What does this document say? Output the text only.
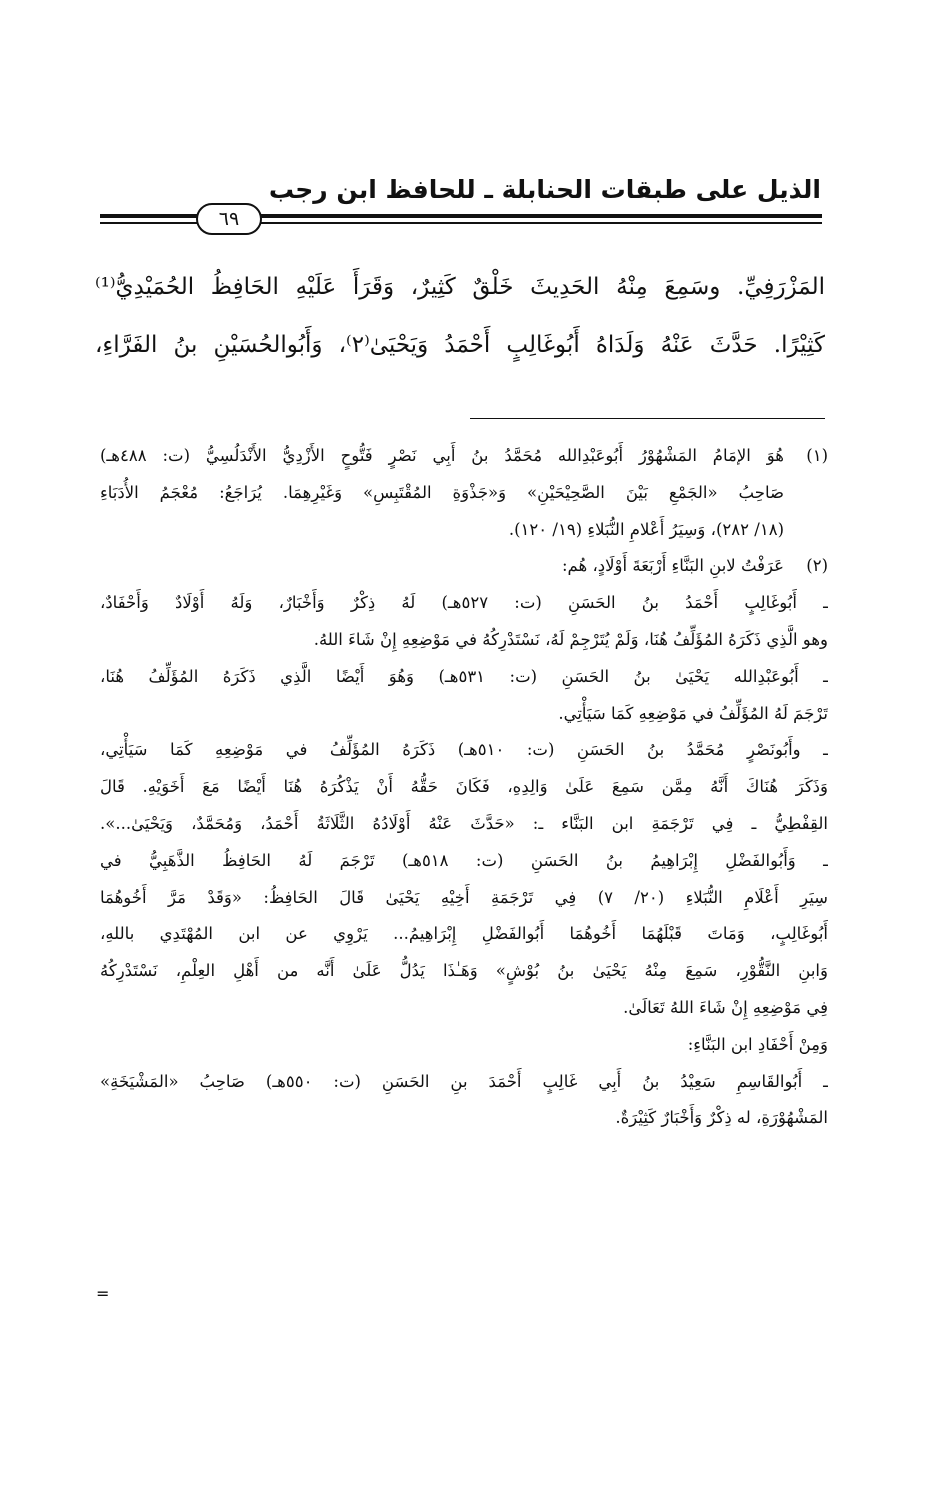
الذيل على طبقات الحنابلة ـ للحافظ ابن رجب
٦٩
المَزْرَفِيِّ. وسَمِعَ مِنْهُ الحَدِيثَ خَلْقٌ كَثِيرٌ، وَقَرَأَ عَلَيْهِ الحَافِظُ الحُمَيْدِيُّ⁽¹⁾
كَثِيْرًا. حَدَّثَ عَنْهُ وَلَدَاهُ أَبُوغَالِبٍ أَحْمَدُ وَيَحْيَىٰ⁽٢⁾، وَأَبُوالحُسَيْنِ بنُ الفَرَّاءِ،
(١)هُوَ الإمَامُ المَشْهُوْرُ أَبُوعَبْدِالله مُحَمَّدُ بنُ أَبِي نَصْرٍ فَتُّوحٍ الأَزْدِيُّ الأَنْدَلُسِيُّ (ت: ٤٨٨هـ)
صَاحِبُ «الجَمْعِ بَيْنَ الصَّحِيْحَيْنِ» وَ«جَذْوَةِ المُقْتَبِسِ» وَغَيْرِهِمَا. يُرَاجَعُ: مُعْجَمُ الأُدَبَاءِ
(١٨/ ٢٨٢)، وَسِيَرُ أَعْلامِ النُّبَلاءِ (١٩/ ١٢٠).
(٢)عَرَفْتُ لابنِ البَنَّاءِ أَرْبَعَةَ أَوْلَادٍ، هُم:
ـ أَبُوغَالِبٍ أَحْمَدُ بنُ الحَسَنِ (ت: ٥٢٧هـ) لَهُ ذِكْرٌ وَأَخْبَارٌ، وَلَهُ أَوْلَادٌ وَأَحْفَادٌ،
وهو الَّذِي ذَكَرَهُ المُؤَلِّفُ هُنَا، وَلَمْ يُتَرْجِمْ لَهُ، نَسْتَدْرِكُهُ في مَوْضِعِهِ إِنْ شَاءَ اللهُ.
ـ أَبُوعَبْدِالله يَحْيَىٰ بنُ الحَسَنِ (ت: ٥٣١هـ) وَهُوَ أَيْضًا الَّذِي ذَكَرَهُ المُؤَلِّفُ هُنَا،
تَرْجَمَ لَهُ المُؤَلِّفُ في مَوْضِعِهِ كَمَا سَيَأْتِي.
ـ وأَبُونَصْرٍ مُحَمَّدُ بنُ الحَسَنِ (ت: ٥١٠هـ) ذَكَرَهُ المُؤَلِّفُ في مَوْضِعِهِ كَمَا سَيَأْتِي،
وَذَكَرَ هُنَاكَ أَنَّهُ مِمَّن سَمِعَ عَلَىٰ وَالِدِهِ، فَكَانَ حَقُّهُ أَنْ يَذْكُرَهُ هُنَا أَيْضًا مَعَ أَخَوَيْهِ. قَالَ
القِفْطِيُّ ـ فِي تَرْجَمَةِ ابن البَنَّاء ـ: «حَدَّثَ عَنْهُ أَوْلَادُهُ الثَّلَاثَةُ أَحْمَدُ، وَمُحَمَّدٌ، وَيَحْيَىٰ...».
ـ وَأَبُوالفَضْلِ إِبْرَاهِيمُ بنُ الحَسَنِ (ت: ٥١٨هـ) تَرْجَمَ لَهُ الحَافِظُ الذَّهَبِيُّ في
سِيَرِ أَعْلَامِ النُّبَلاءِ (٢٠/ ٧) فِي تَرْجَمَةِ أَخِيْهِ يَحْيَىٰ قَالَ الحَافِظُ: «وَقَدْ مَرَّ أَخُوهُمَا
أَبُوغَالِبٍ، وَمَاتَ قَبْلَهُمَا أَخُوهُمَا أَبُوالفَضْلِ إِبْرَاهِيمُ... يَرْوِي عن ابن المُهْتَدِي باللهِ،
وَابنِ النَّقُّوْرِ، سَمِعَ مِنْهُ يَحْيَىٰ بنُ بُوْشٍ» وَهَـٰذَا يَدُلُّ عَلَىٰ أَنَّه من أَهْلِ العِلْمِ، نَسْتَدْرِكُهُ
فِي مَوْضِعِهِ إِنْ شَاءَ اللهُ تَعَالَىٰ.
وَمِنْ أَحْفَادِ ابن البَنَّاءِ:
ـ أَبُوالقَاسِمِ سَعِيْدُ بنُ أَبِي غَالِبٍ أَحْمَدَ بنِ الحَسَنِ (ت: ٥٥٠هـ) صَاحِبُ «المَشْيَخَةِ»
المَشْهُوْرَةِ، له ذِكْرٌ وَأَخْبَارٌ كَثِيْرَةٌ.
=
